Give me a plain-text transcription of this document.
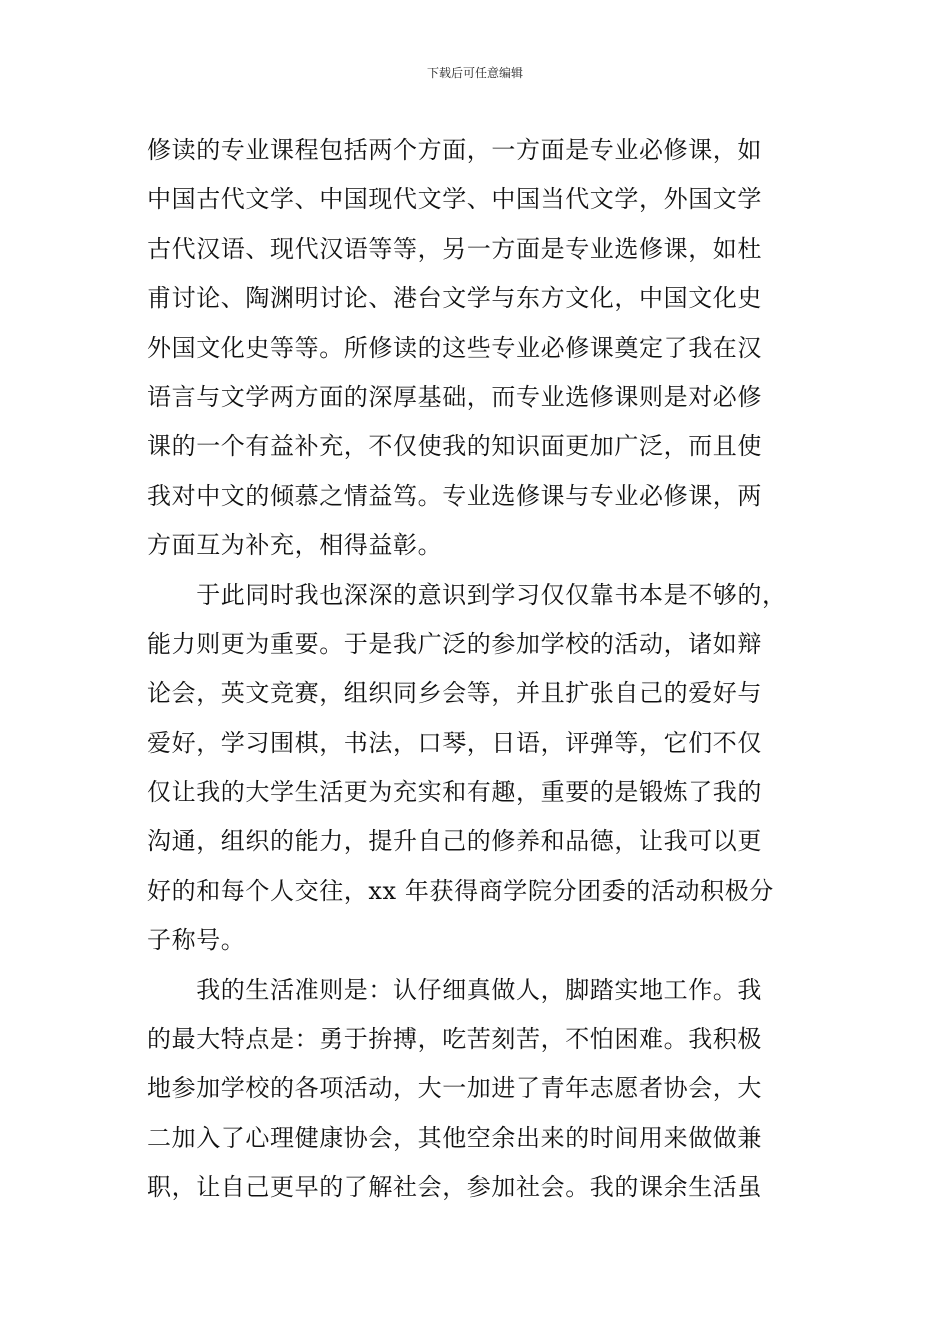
下载后可任意编辑
修读的专业课程包括两个方面，一方面是专业必修课，如
中国古代文学、中国现代文学、中国当代文学，外国文学
古代汉语、现代汉语等等，另一方面是专业选修课，如杜
甫讨论、陶渊明讨论、港台文学与东方文化，中国文化史
外国文化史等等。所修读的这些专业必修课奠定了我在汉
语言与文学两方面的深厚基础，而专业选修课则是对必修
课的一个有益补充，不仅使我的知识面更加广泛，而且使
我对中文的倾慕之情益笃。专业选修课与专业必修课，两
方面互为补充，相得益彰。
　　于此同时我也深深的意识到学习仅仅靠书本是不够的，
能力则更为重要。于是我广泛的参加学校的活动，诸如辩
论会，英文竞赛，组织同乡会等，并且扩张自己的爱好与
爱好，学习围棋，书法，口琴，日语，评弹等，它们不仅
仅让我的大学生活更为充实和有趣，重要的是锻炼了我的
沟通，组织的能力，提升自己的修养和品德，让我可以更
好的和每个人交往，xx 年获得商学院分团委的活动积极分
子称号。
　　我的生活准则是：认仔细真做人，脚踏实地工作。我
的最大特点是：勇于拚搏，吃苦刻苦，不怕困难。我积极
地参加学校的各项活动，大一加进了青年志愿者协会，大
二加入了心理健康协会，其他空余出来的时间用来做做兼
职，让自己更早的了解社会，参加社会。我的课余生活虽
